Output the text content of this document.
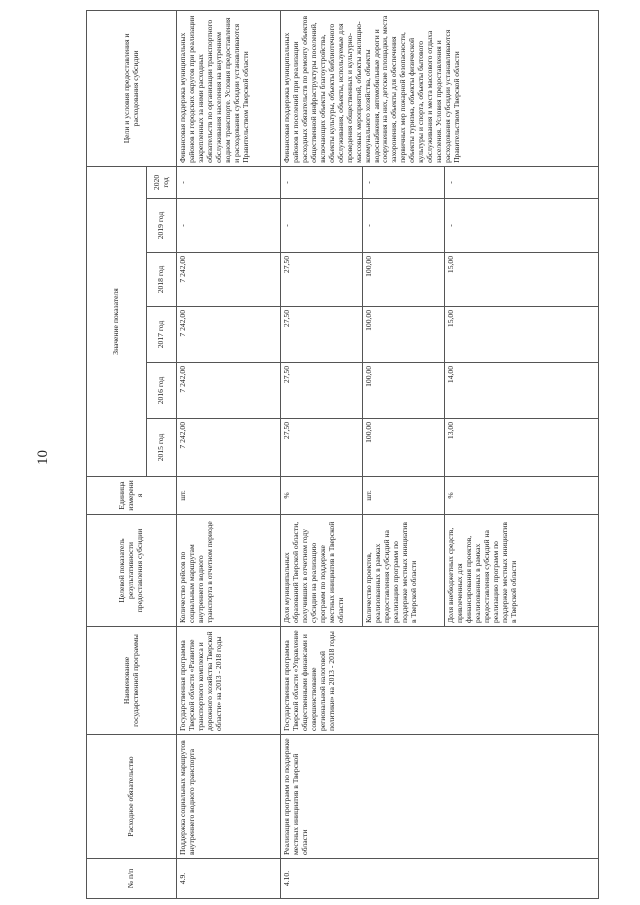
10
№ п/п	Расходное обязательство	Наименование государственной программы	Целевой показатель результативности предоставления субсидии	Единица измерения	Значение показателя						Цели и условия предоставления и расходования субсидии
					2015 год	2016 год	2017 год	2018 год	2019 год	2020 год	
4.9.	Поддержка социальных маршрутов внутреннего водного транспорта	Государственная программа Тверской области «Развитие транспортного комплекса и дорожного хозяйства Тверской области» на 2013 - 2018 годы	Количество рейсов по социальным маршрутам внутреннего водного транспорта в отчетном периоде	шт.	7 242,00	7 242,00	7 242,00	7 242,00	-	-	Финансовая поддержка муниципальных районов и городских округов при реализации закрепленных за ними расходных обязательств по организации транспортного обслуживания населения на внутреннем водном транспорте. Условия предоставления и расходования субсидии устанавливаются Правительством Тверской области
4.10.	Реализация программ по поддержке местных инициатив в Тверской области	Государственная программа Тверской области «Управление общественными финансами и совершенствование региональной налоговой политики» на 2013 - 2018 годы	Доля муниципальных образований Тверской области, получивших в отчетном году субсидии на реализацию программ по поддержке местных инициатив в Тверской области	%	27,50	27,50	27,50	27,50	-	-	Финансовая поддержка муниципальных районов и поселений при реализации расходных обязательств по ремонту объектов общественной инфраструктуры поселений, включающих объекты благоустройства, объекты культуры, объекты библиотечного обслуживания, объекты, используемые для проведения общественных и культурно-массовых мероприятий, объекты жилищно-коммунального хозяйства, объекты водоснабжения, автомобильные дороги и сооружения на них, детские площадки, места захоронения, объекты для обеспечения первичных мер пожарной безопасности, объекты туризма, объекты физической культуры и спорта, объекты бытового обслуживания и места массового отдыха населения. Условия предоставления и расходования субсидии устанавливаются Правительством Тверской области
			Количество проектов, реализованных в рамках предоставления субсидий на реализацию программ по поддержке местных инициатив в Тверской области	шт.	100,00	100,00	100,00	100,00	-	-	
			Доля внебюджетных средств, привлеченных для финансирования проектов, реализованных в рамках предоставления субсидий на реализацию программ по поддержке местных инициатив в Тверской области	%	13,00	14,00	15,00	15,00	-	-	
